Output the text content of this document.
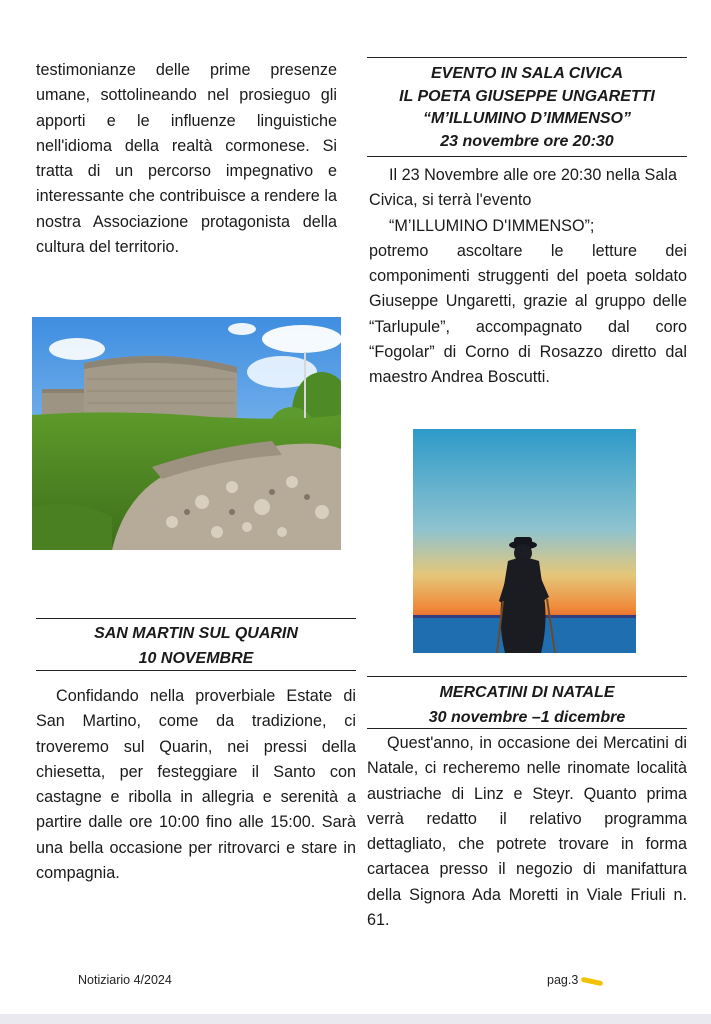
testimonianze delle prime presenze umane, sottolineando nel prosieguo gli apporti e le influenze linguistiche nell'idioma della realtà cormonese. Si tratta di un percorso impegnativo e interessante che contribuisce a rendere la nostra Associazione protagonista della cultura del territorio.

SAN MARTIN SUL QUARIN
10 NOVEMBRE

Confidando nella proverbiale Estate di San Martino, come da tradizione, ci troveremo sul Quarin, nei pressi della chiesetta, per festeggiare il Santo con castagne e ribolla in allegria e serenità a partire dalle ore 10:00 fino alle 15:00. Sarà una bella occasione per ritrovarci e stare in compagnia.

EVENTO IN SALA CIVICA
IL POETA GIUSEPPE UNGARETTI
“M’ILLUMINO D’IMMENSO”
23 novembre ore 20:30

Il 23 Novembre alle ore 20:30 nella Sala Civica, si terrà l'evento

“M’ILLUMINO D'IMMENSO”;

potremo ascoltare le letture dei componimenti struggenti del poeta soldato Giuseppe Ungaretti, grazie al gruppo delle “Tarlupule”, accompagnato dal coro “Fogolar” di Corno di Rosazzo diretto dal maestro Andrea Boscutti.

MERCATINI DI NATALE
30 novembre –1 dicembre

Quest'anno, in occasione dei Mercatini di Natale, ci recheremo nelle rinomate località austriache di Linz e Steyr. Quanto prima verrà redatto il relativo programma dettagliato, che potrete trovare in forma cartacea presso il negozio di manifattura della Signora Ada Moretti in Viale Friuli n. 61.

Notiziario 4/2024	pag.3
